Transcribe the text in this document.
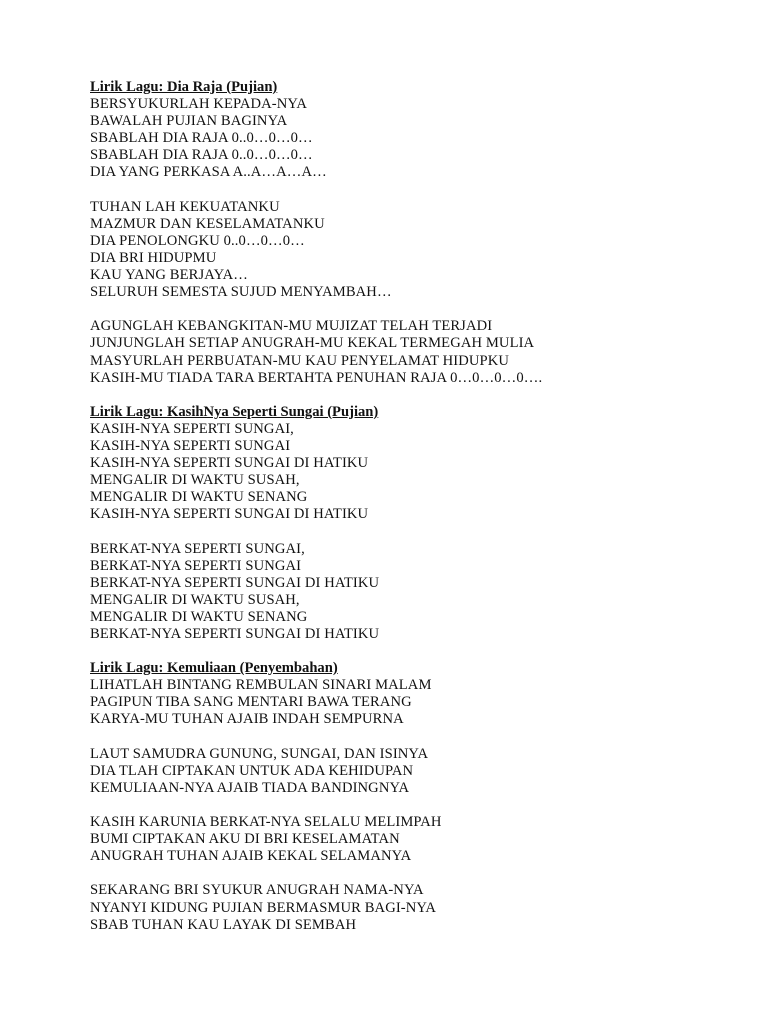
Lirik Lagu: Dia Raja (Pujian)
BERSYUKURLAH KEPADA-NYA
BAWALAH PUJIAN BAGINYA
SBABLAH DIA RAJA 0..0…0…0…
SBABLAH DIA RAJA 0..0…0…0…
DIA YANG PERKASA A..A…A…A…
TUHAN LAH KEKUATANKU
MAZMUR DAN KESELAMATANKU
DIA PENOLONGKU 0..0…0…0…
DIA BRI HIDUPMU
KAU YANG BERJAYA…
SELURUH SEMESTA SUJUD MENYAMBAH…
AGUNGLAH KEBANGKITAN-MU MUJIZAT TELAH TERJADI
JUNJUNGLAH SETIAP ANUGRAH-MU KEKAL TERMEGAH MULIA
MASYURLAH PERBUATAN-MU KAU PENYELAMAT HIDUPKU
KASIH-MU TIADA TARA BERTAHTA PENUHAN RAJA 0…0…0…0….
Lirik Lagu: KasihNya Seperti Sungai (Pujian)
KASIH-NYA SEPERTI SUNGAI,
KASIH-NYA SEPERTI SUNGAI
KASIH-NYA SEPERTI SUNGAI DI HATIKU
MENGALIR DI WAKTU SUSAH,
MENGALIR DI WAKTU SENANG
KASIH-NYA SEPERTI SUNGAI DI HATIKU
BERKAT-NYA SEPERTI SUNGAI,
BERKAT-NYA SEPERTI SUNGAI
BERKAT-NYA SEPERTI SUNGAI DI HATIKU
MENGALIR DI WAKTU SUSAH,
MENGALIR DI WAKTU SENANG
BERKAT-NYA SEPERTI SUNGAI DI HATIKU
Lirik Lagu: Kemuliaan (Penyembahan)
LIHATLAH BINTANG REMBULAN SINARI MALAM
PAGIPUN TIBA SANG MENTARI BAWA TERANG
KARYA-MU TUHAN AJAIB INDAH SEMPURNA
LAUT SAMUDRA GUNUNG, SUNGAI, DAN ISINYA
DIA TLAH CIPTAKAN UNTUK ADA KEHIDUPAN
KEMULIAAN-NYA AJAIB TIADA BANDINGNYA
KASIH KARUNIA BERKAT-NYA SELALU MELIMPAH
BUMI CIPTAKAN AKU DI BRI KESELAMATAN
ANUGRAH TUHAN AJAIB KEKAL SELAMANYA
SEKARANG BRI SYUKUR ANUGRAH NAMA-NYA
NYANYI KIDUNG PUJIAN BERMASMUR BAGI-NYA
SBAB TUHAN KAU LAYAK DI SEMBAH
